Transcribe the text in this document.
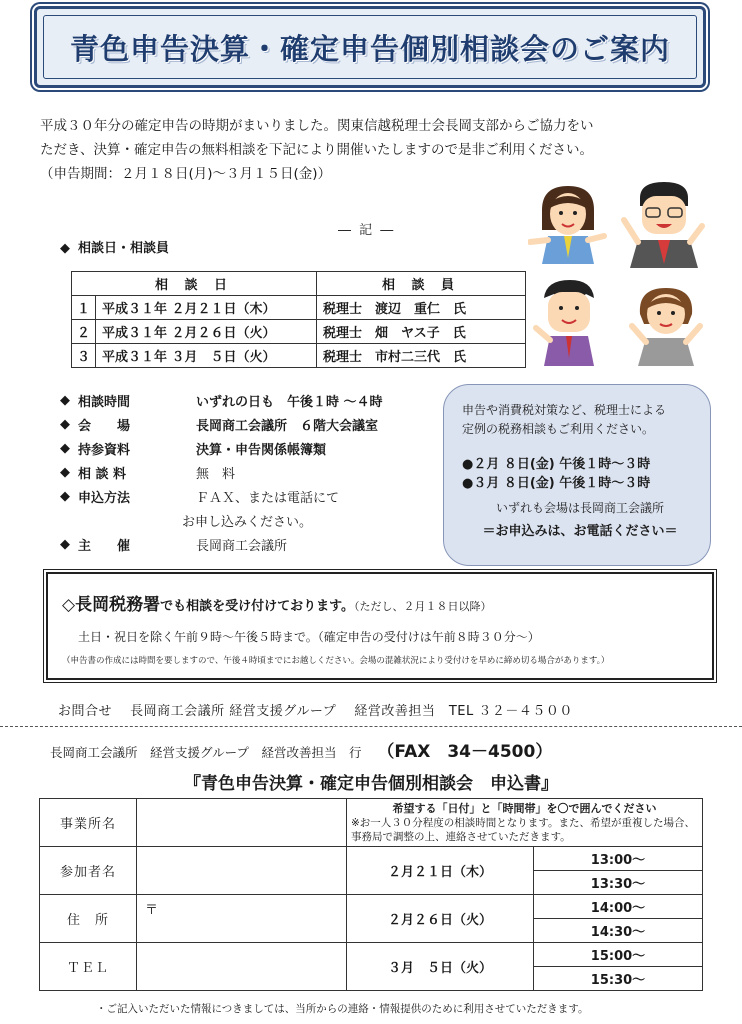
青色申告決算・確定申告個別相談会のご案内
平成３０年分の確定申告の時期がまいりました。関東信越税理士会長岡支部からご協力をい
ただき、決算・確定申告の無料相談を下記により開催いたしますので是非ご利用ください。
（申告期間：２月１８日(月)～３月１５日(金)）
― 記 ―
◆ 相談日・相談員
相 談 日		相 談 員
１	平成３１年 ２月２１日（木）	税理士　渡辺　重仁　氏
２	平成３１年 ２月２６日（火）	税理士　畑　ヤス子　氏
３	平成３１年 ３月　５日（火）	税理士　市村二三代　氏
◆ 相談時間	いずれの日も　午後１時 ～４時
◆ 会　　場	長岡商工会議所　６階大会議室
◆ 持参資料	決算・申告関係帳簿類
◆ 相 談 料	無　料
◆ 申込方法	ＦＡＸ、または電話にて
お申し込みください。
◆ 主　　催	長岡商工会議所
申告や消費税対策など、税理士による
定例の税務相談もご利用ください。
●２月 ８日(金) 午後１時～３時
●３月 ８日(金) 午後１時～３時
いずれも会場は長岡商工会議所
＝お申込みは、お電話ください＝
◇長岡税務署でも相談を受け付けております。（ただし、２月１８日以降）
土日・祝日を除く午前９時～午後５時まで。（確定申告の受付けは午前８時３０分～）
（申告書の作成には時間を要しますので、午後４時頃までにお越しください。会場の混雑状況により受付けを早めに締め切る場合があります。）
お問合せ　 長岡商工会議所 経営支援グループ　 経営改善担当　TEL ３２－４５００
長岡商工会議所　経営支援グループ　経営改善担当　行 （FAX　34－4500）
『青色申告決算・確定申告個別相談会　申込書』
事業所名		希望する「日付」と「時間帯」を〇で囲んでください
※お一人３０分程度の相談時間となります。また、希望が重複した場合、事務局で調整の上、連絡させていただきます。	

参加者名		２月２１日（木）	13:00～
			13:30～
住　所	〒	２月２６日（火）	14:00～
			14:30～
ＴＥＬ		３月　５日（火）	15:00～
			15:30～
・ご記入いただいた情報につきましては、当所からの連絡・情報提供のために利用させていただきます。
